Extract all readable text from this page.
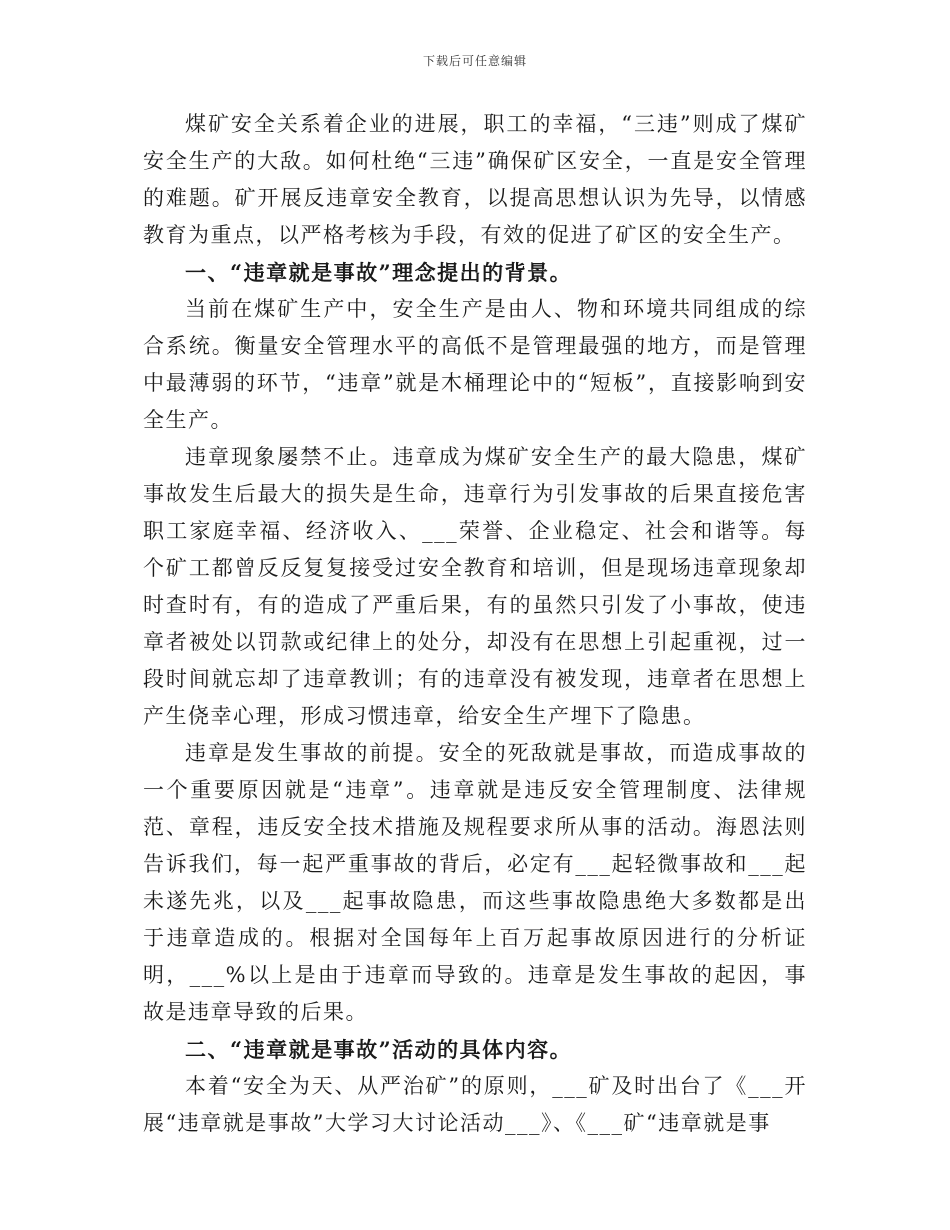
下载后可任意编辑

煤矿安全关系着企业的进展，职工的幸福，“三违”则成了煤矿安全生产的大敌。如何杜绝“三违”确保矿区安全，一直是安全管理的难题。矿开展反违章安全教育，以提高思想认识为先导，以情感教育为重点，以严格考核为手段，有效的促进了矿区的安全生产。

一、“违章就是事故”理念提出的背景。

当前在煤矿生产中，安全生产是由人、物和环境共同组成的综合系统。衡量安全管理水平的高低不是管理最强的地方，而是管理中最薄弱的环节，“违章”就是木桶理论中的“短板”，直接影响到安全生产。

违章现象屡禁不止。违章成为煤矿安全生产的最大隐患，煤矿事故发生后最大的损失是生命，违章行为引发事故的后果直接危害职工家庭幸福、经济收入、___荣誉、企业稳定、社会和谐等。每个矿工都曾反反复复接受过安全教育和培训，但是现场违章现象却时查时有，有的造成了严重后果，有的虽然只引发了小事故，使违章者被处以罚款或纪律上的处分，却没有在思想上引起重视，过一段时间就忘却了违章教训；有的违章没有被发现，违章者在思想上产生侥幸心理，形成习惯违章，给安全生产埋下了隐患。

违章是发生事故的前提。安全的死敌就是事故，而造成事故的一个重要原因就是“违章”。违章就是违反安全管理制度、法律规范、章程，违反安全技术措施及规程要求所从事的活动。海恩法则告诉我们，每一起严重事故的背后，必定有___起轻微事故和___起未遂先兆，以及___起事故隐患，而这些事故隐患绝大多数都是出于违章造成的。根据对全国每年上百万起事故原因进行的分析证明，___%以上是由于违章而导致的。违章是发生事故的起因，事故是违章导致的后果。

二、“违章就是事故”活动的具体内容。

本着“安全为天、从严治矿”的原则，___矿及时出台了《___开展“违章就是事故”大学习大讨论活动___》、《___矿“违章就是事
